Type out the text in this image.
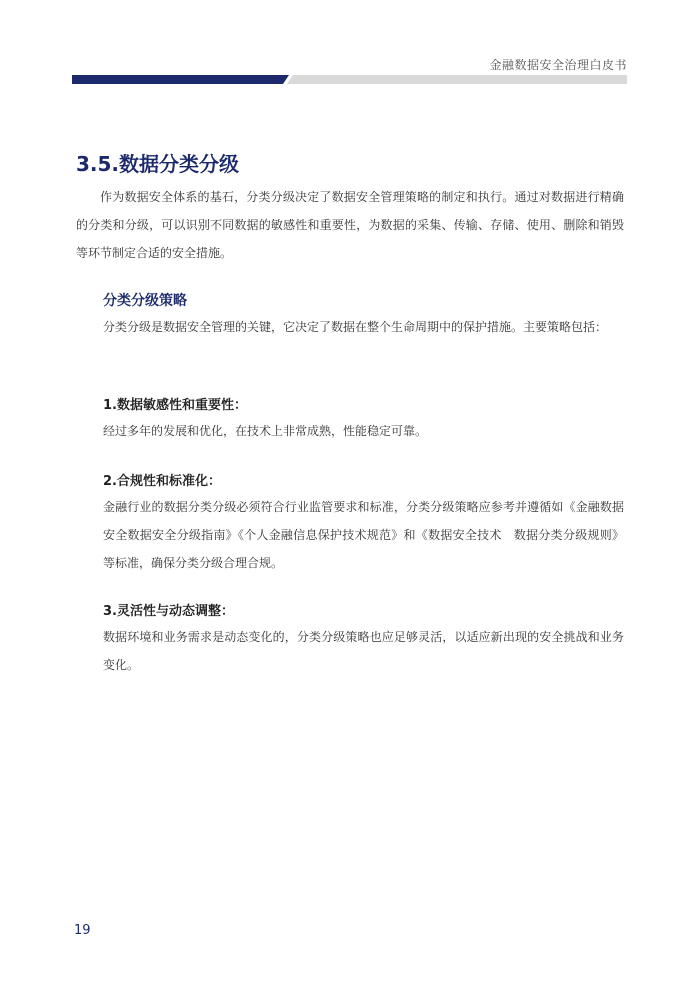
金融数据安全治理白皮书
3.5.数据分类分级

作为数据安全体系的基石，分类分级决定了数据安全管理策略的制定和执行。通过对数据进行精确的分类和分级，可以识别不同数据的敏感性和重要性，为数据的采集、传输、存储、使用、删除和销毁等环节制定合适的安全措施。

分类分级策略

分类分级是数据安全管理的关键，它决定了数据在整个生命周期中的保护措施。主要策略包括：

1.数据敏感性和重要性：

经过多年的发展和优化，在技术上非常成熟，性能稳定可靠。

2.合规性和标准化：

金融行业的数据分类分级必须符合行业监管要求和标准，分类分级策略应参考并遵循如《金融数据安全数据安全分级指南》《个人金融信息保护技术规范》和《数据安全技术　数据分类分级规则》等标准，确保分类分级合理合规。

3.灵活性与动态调整：

数据环境和业务需求是动态变化的，分类分级策略也应足够灵活，以适应新出现的安全挑战和业务变化。

19
